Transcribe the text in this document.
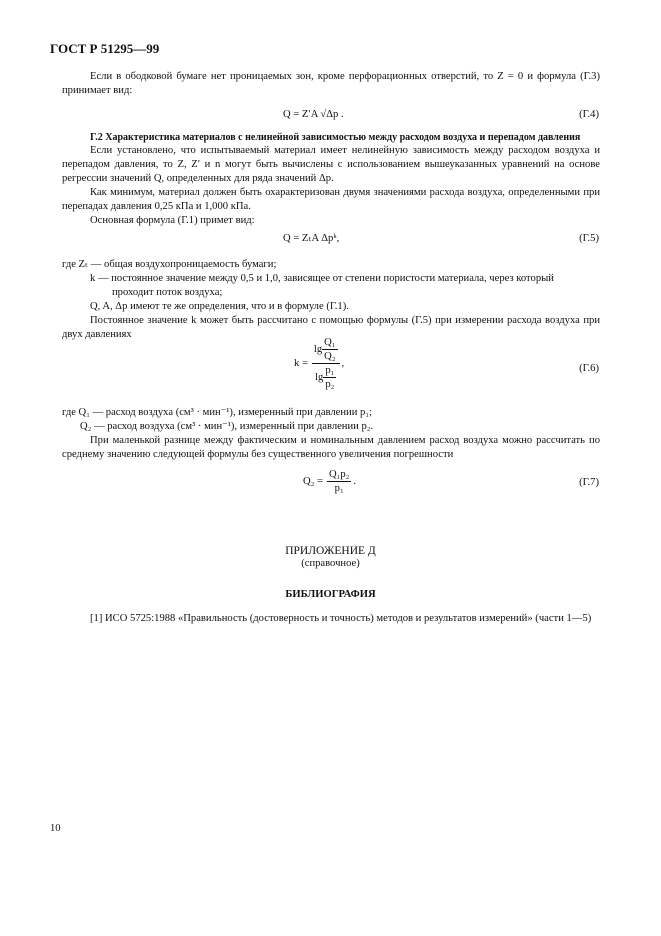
ГОСТ Р 51295—99
Если в ободковой бумаге нет проницаемых зон, кроме перфорационных отверстий, то Z = 0 и формула (Г.3) принимает вид:
Q = Z′A √Δp .	(Г.4)
Г.2 Характеристика материалов с нелинейной зависимостью между расходом воздуха и перепадом давления
Если установлено, что испытываемый материал имеет нелинейную зависимость между расходом воздуха и перепадом давления, то Z, Z′ и n могут быть вычислены с использованием вышеуказанных уравнений на основе регрессии значений Q, определенных для ряда значений Δp.
Как минимум, материал должен быть охарактеризован двумя значениями расхода воздуха, определенными при перепадах давления 0,25 кПа и 1,000 кПа.
Основная формула (Г.1) примет вид:
Q = ZₜA Δpᵏ,	(Г.5)
где Zₜ — общая воздухопроницаемость бумаги;
k — постоянное значение между 0,5 и 1,0, зависящее от степени пористости материала, через который
проходит поток воздуха;
Q, A, Δp имеют те же определения, что и в формуле (Г.1).
Постоянное значение k может быть рассчитано с помощью формулы (Г.5) при измерении расхода воздуха при двух давлениях
$k = \frac{\lg \frac{\text{Q₁}}{\text{Q₂}}}{\lg \frac{\text{p₁}}{\text{p₂}}}$ ,	(Г.6)
где Q₁ — расход воздуха (см³ · мин⁻¹), измеренный при давлении p₁;
Q₂ — расход воздуха (см³ · мин⁻¹), измеренный при давлении p₂.
При маленькой разнице между фактическим и номинальным давлением расход воздуха можно рассчитать по среднему значению следующей формулы без существенного увеличения погрешности
$Q_2 = \frac{\text{Q₁p₂}}{\text{p₁}}$ .	(Г.7)
ПРИЛОЖЕНИЕ Д
(справочное)
БИБЛИОГРАФИЯ
[1] ИСО 5725:1988 «Правильность (достоверность и точность) методов и результатов измерений» (части 1—5)
10
